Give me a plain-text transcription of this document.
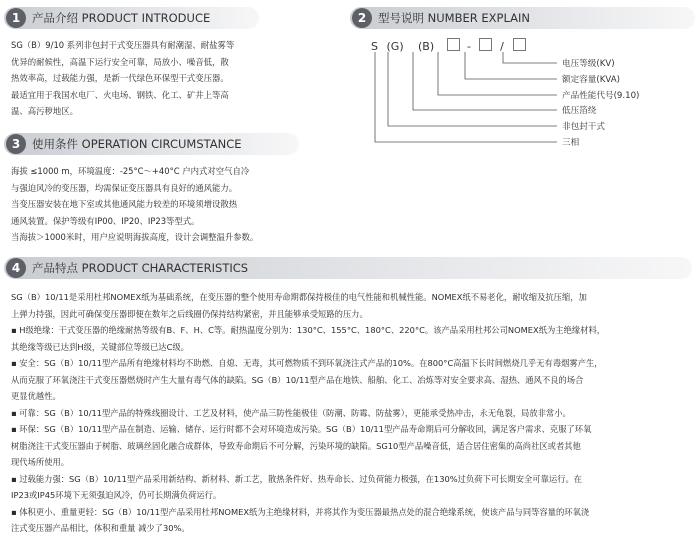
1	产品介绍 PRODUCT INTRODUCE
SG（B）9/10 系列非包封干式变压器具有耐潮湿、耐盐雾等
优异的耐候性，高温下运行安全可靠，局放小、噪音低，散
热效率高，过载能力强，是新一代绿色环保型干式变压器。
最适宜用于我国水电厂、火电场、钢铁、化工、矿井上等高
温、高污秽地区。
2	型号说明 NUMBER EXPLAIN
S (G) (B)	-	/
电压等级(KV)
额定容量(KVA)
产品性能代号(9.10)
低压箔绕
非包封干式
三相
3	使用条件 OPERATION CIRCUMSTANCE
海拔 ≤1000 m，环境温度：-25°C～+40°C 户内式对空气自冷
与强迫风冷的变压器，均需保证变压器具有良好的通风能力。
当变压器安装在地下室或其他通风能力较差的环境须增设散热
通风装置。保护等级有IP00、IP20、IP23等型式。
当海拔＞1000米时，用户应说明海拔高度，设计会调整温升参数。
4	产品特点 PRODUCT CHARACTERISTICS
SG（B）10/11是采用杜邦NOMEX纸为基础系统，在变压器的整个使用寿命期都保持极佳的电气性能和机械性能。NOMEX纸不易老化，耐收缩及抗压缩，加
上弹力持强，因此可确保变压器即便在数年之后线圈仍保持结构紧密，并且能够承受短路的压力。
▪ H级绝缘：干式变压器的绝缘耐热等级有B、F、H、C等。耐热温度分别为：130°C、155°C、180°C、220°C。该产品采用杜邦公司NOMEX纸为主绝缘材料，
其绝缘等级已达到H级，关键部位等级已达C级。
▪ 安全：SG（B）10/11型产品所有绝缘材料均不助燃、自熄、无毒，其可燃物质不到环氧浇注式产品的10%。在800°C高温下长时间燃烧几乎无有毒烟雾产生，
从而克服了环氧浇注干式变压器燃烧时产生大量有毒气体的缺陷。SG（B）10/11型产品在地铁、船舶、化工、冶炼等对安全要求高、湿热、通风不良的场合
更显优越性。
▪ 可靠：SG（B）10/11型产品的特殊线圈设计、工艺及材料，使产品三防性能极佳（防潮、防霉、防盐雾），更能承受热冲击，永无龟裂，局放非常小。
▪ 环保：SG（B）10/11型产品在制造、运输、储存、运行时都不会对环境造成污染。SG（B）10/11型产品寿命期后可分解收回，满足客户需求、克服了环氧
树脂浇注干式变压器由于树脂、玻璃丝固化融合成群体，导致寿命期后不可分解，污染环境的缺陷。SG10型产品噪音低，适合居住密集的高尚社区或者其他
现代场所使用。
▪ 过载能力强：SG（B）10/11型产品采用新结构、新材料、新工艺，散热条件好、热寿命长、过负荷能力极强，在130%过负荷下可长期安全可靠运行。在
IP23或IP45环境下无须强迫风冷，仍可长期满负荷运行。
▪ 体积更小、重量更轻：SG（B）10/11型产品采用杜邦NOMEX纸为主绝缘材料，并将其作为变压器最热点处的混合绝缘系统，使该产品与同等容量的环氧浇
注式变压器产品相比，体积和重量 减少了30%。
